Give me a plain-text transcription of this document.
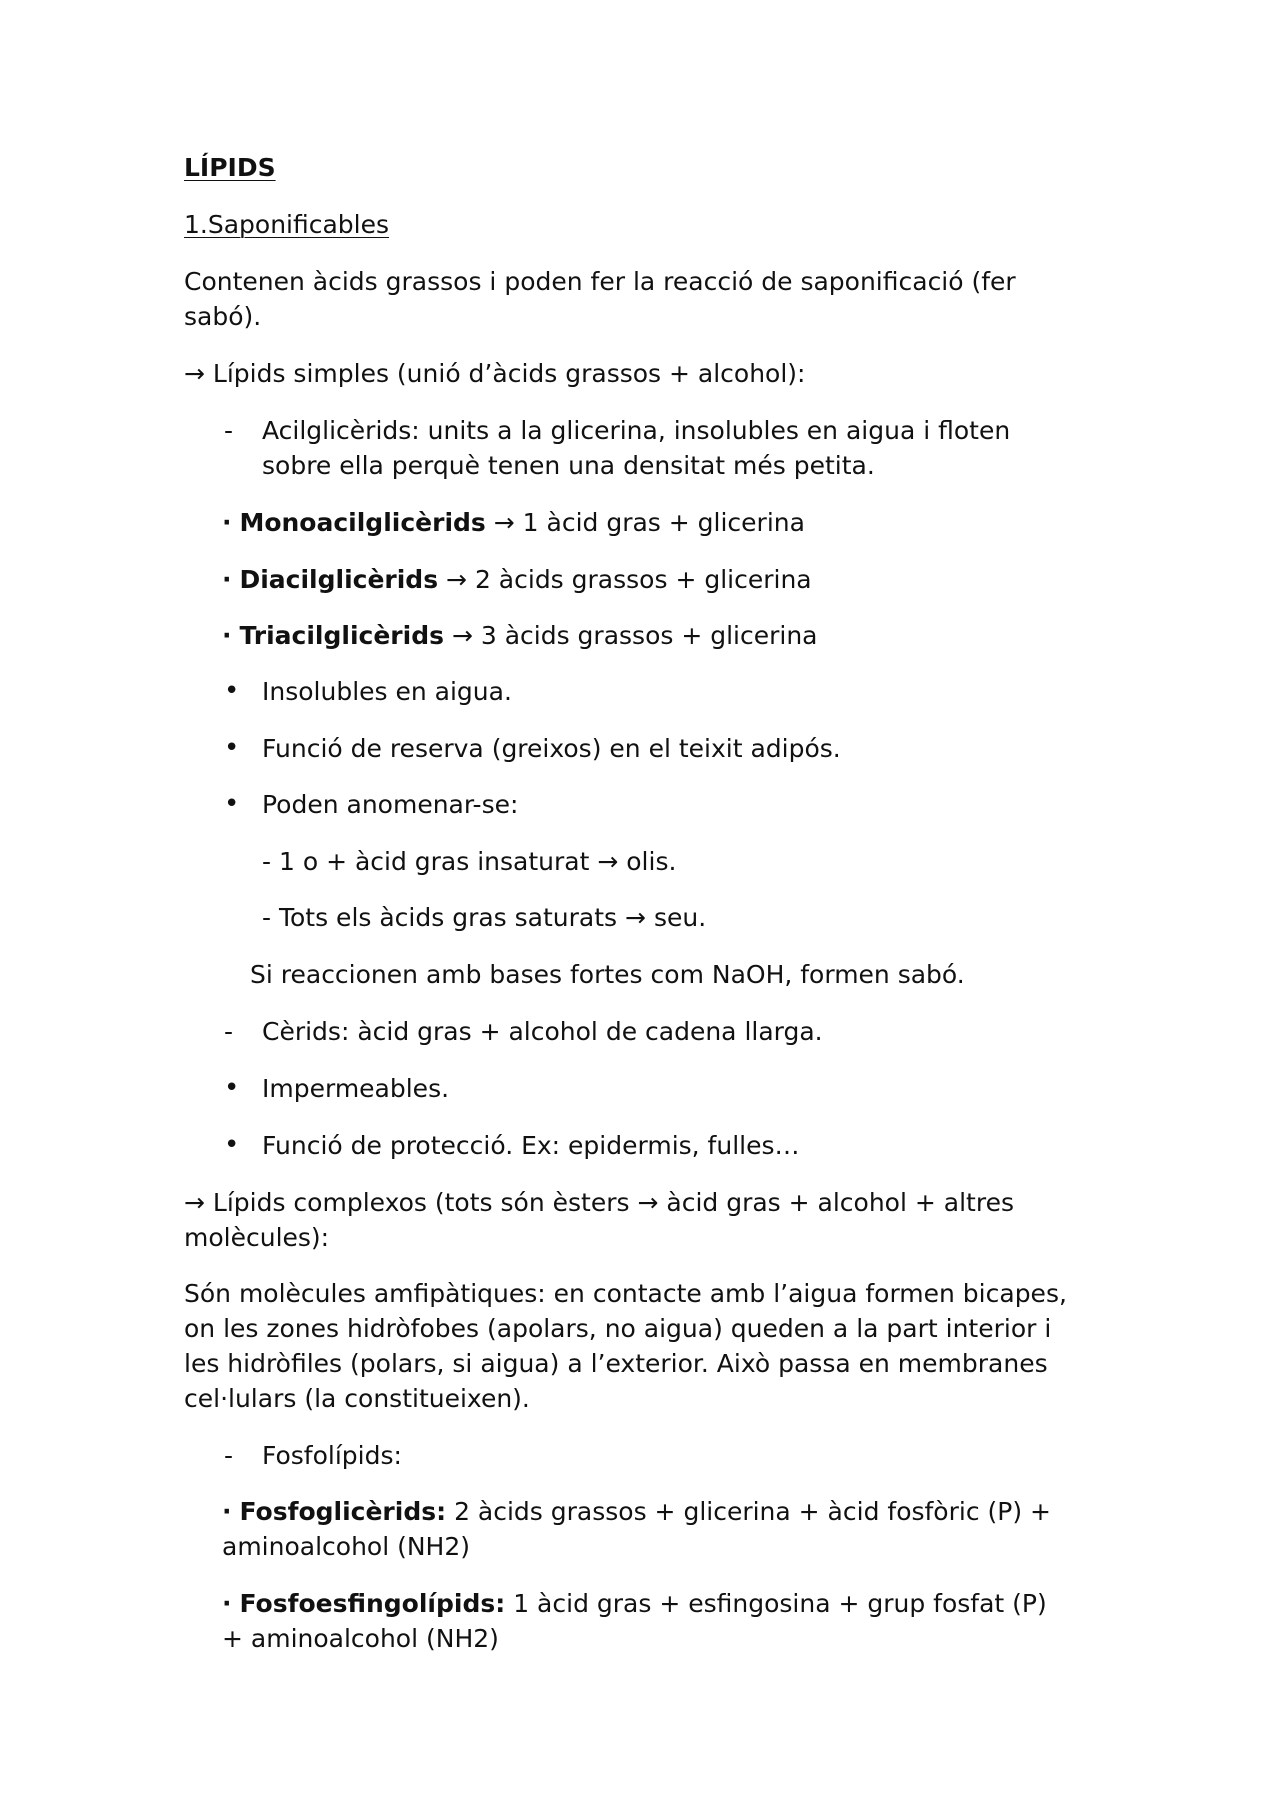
LÍPIDS
1.Saponificables
Contenen àcids grassos i poden fer la reacció de saponificació (fer
sabó).
→ Lípids simples (unió d’àcids grassos + alcohol):
- Acilglicèrids: units a la glicerina, insolubles en aigua i floten
sobre ella perquè tenen una densitat més petita.
· Monoacilglicèrids → 1 àcid gras + glicerina
· Diacilglicèrids → 2 àcids grassos + glicerina
· Triacilglicèrids → 3 àcids grassos + glicerina
• Insolubles en aigua.
• Funció de reserva (greixos) en el teixit adipós.
• Poden anomenar-se:
- 1 o + àcid gras insaturat → olis.
- Tots els àcids gras saturats → seu.
Si reaccionen amb bases fortes com NaOH, formen sabó.
- Cèrids: àcid gras + alcohol de cadena llarga.
• Impermeables.
• Funció de protecció. Ex: epidermis, fulles…
→ Lípids complexos (tots són èsters → àcid gras + alcohol + altres
molècules):
Són molècules amfipàtiques: en contacte amb l’aigua formen bicapes,
on les zones hidròfobes (apolars, no aigua) queden a la part interior i
les hidròfiles (polars, si aigua) a l’exterior. Això passa en membranes
cel·lulars (la constitueixen).
- Fosfolípids:
· Fosfoglicèrids: 2 àcids grassos + glicerina + àcid fosfòric (P) +
aminoalcohol (NH2)
· Fosfoesfingolípids: 1 àcid gras + esfingosina + grup fosfat (P)
+ aminoalcohol (NH2)
